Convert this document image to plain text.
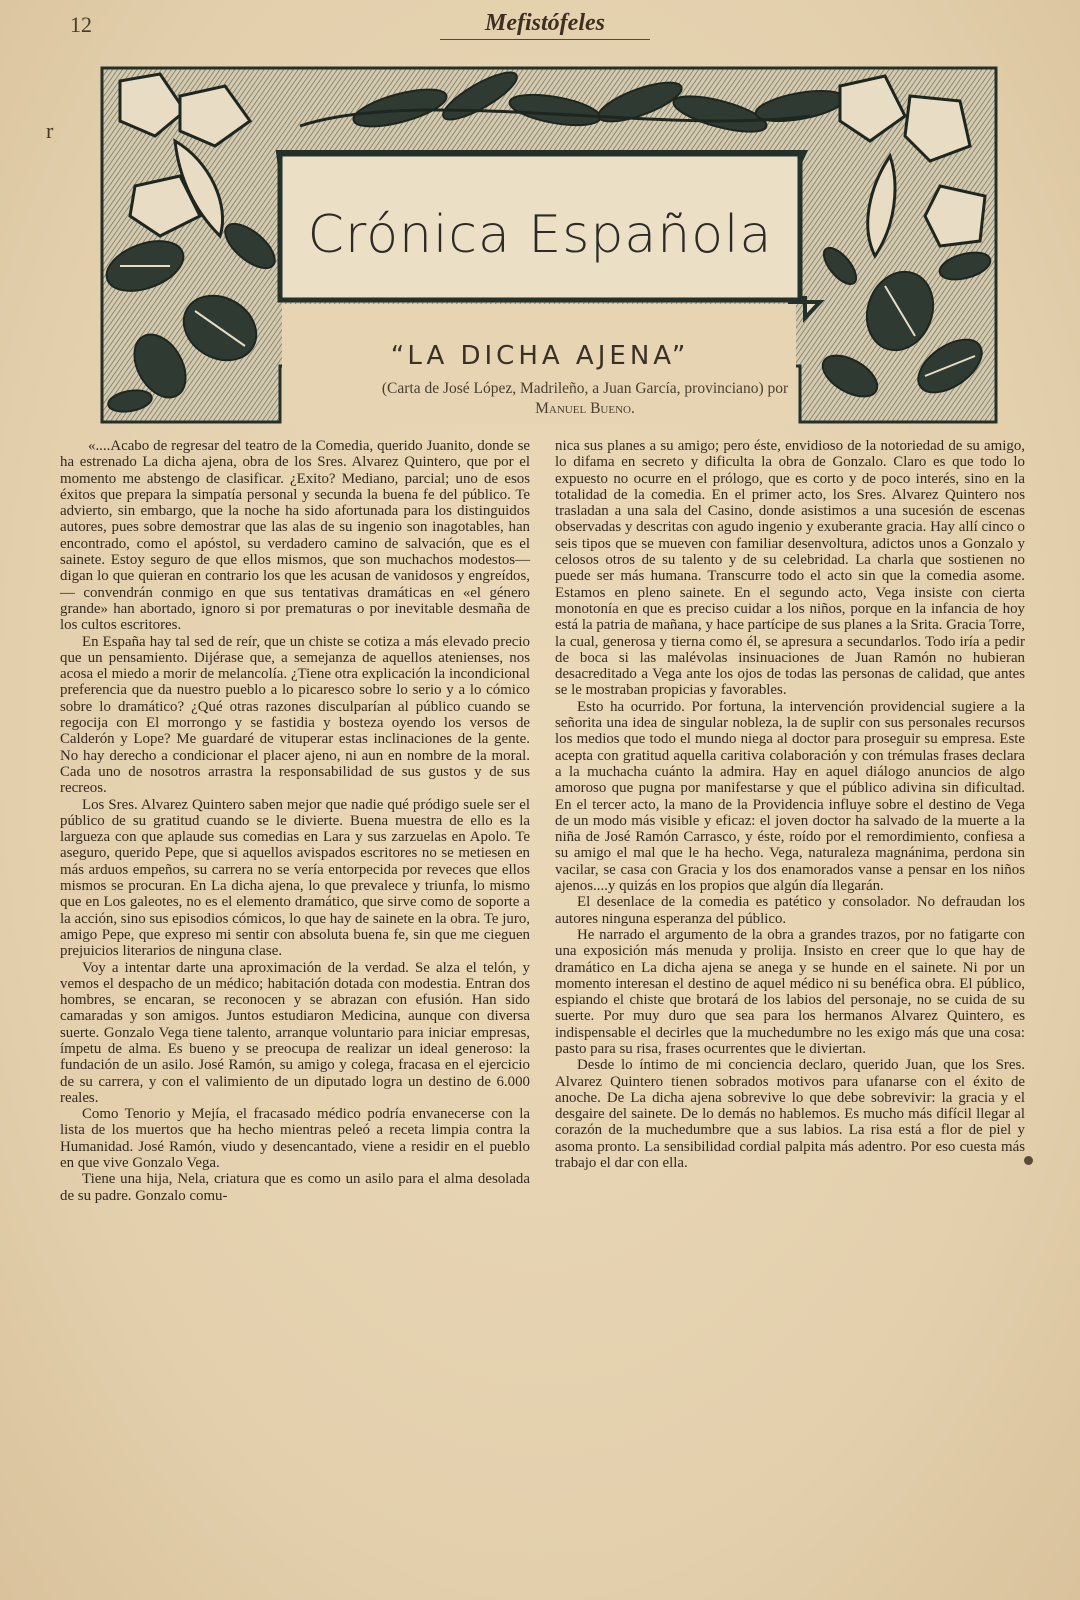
12	Mefistófeles
r
Crónica Española
“LA DICHA AJENA”
(Carta de José López, Madrileño, a Juan García, provinciano) por Manuel Bueno.

«....Acabo de regresar del teatro de la Comedia, querido Juanito, donde se ha estrenado La dicha ajena, obra de los Sres. Alvarez Quintero, que por el momento me abstengo de clasificar. ¿Exito? Mediano, parcial; uno de esos éxitos que prepara la simpatía personal y secunda la buena fe del público. Te advierto, sin embargo, que la noche ha sido afortunada para los distinguidos autores, pues sobre demostrar que las alas de su ingenio son inagotables, han encontrado, como el apóstol, su verdadero camino de salvación, que es el sainete. Estoy seguro de que ellos mismos, que son muchachos modestos—digan lo que quieran en contrario los que les acusan de vanidosos y engreídos,— convendrán conmigo en que sus tentativas dramáticas en «el género grande» han abortado, ignoro si por prematuras o por inevitable desmaña de los cultos escritores.

En España hay tal sed de reír, que un chiste se cotiza a más elevado precio que un pensamiento. Dijérase que, a semejanza de aquellos atenienses, nos acosa el miedo a morir de melancolía. ¿Tiene otra explicación la incondicional preferencia que da nuestro pueblo a lo picaresco sobre lo serio y a lo cómico sobre lo dramático? ¿Qué otras razones disculparían al público cuando se regocija con El morrongo y se fastidia y bosteza oyendo los versos de Calderón y Lope? Me guardaré de vituperar estas inclinaciones de la gente. No hay derecho a condicionar el placer ajeno, ni aun en nombre de la moral. Cada uno de nosotros arrastra la responsabilidad de sus gustos y de sus recreos.

Los Sres. Alvarez Quintero saben mejor que nadie qué pródigo suele ser el público de su gratitud cuando se le divierte. Buena muestra de ello es la largueza con que aplaude sus comedias en Lara y sus zarzuelas en Apolo. Te aseguro, querido Pepe, que si aquellos avispados escritores no se metiesen en más arduos empeños, su carrera no se vería entorpecida por reveces que ellos mismos se procuran. En La dicha ajena, lo que prevalece y triunfa, lo mismo que en Los galeotes, no es el elemento dramático, que sirve como de soporte a la acción, sino sus episodios cómicos, lo que hay de sainete en la obra. Te juro, amigo Pepe, que expreso mi sentir con absoluta buena fe, sin que me cieguen prejuicios literarios de ninguna clase.

Voy a intentar darte una aproximación de la verdad. Se alza el telón, y vemos el despacho de un médico; habitación dotada con modestia. Entran dos hombres, se encaran, se reconocen y se abrazan con efusión. Han sido camaradas y son amigos. Juntos estudiaron Medicina, aunque con diversa suerte. Gonzalo Vega tiene talento, arranque voluntario para iniciar empresas, ímpetu de alma. Es bueno y se preocupa de realizar un ideal generoso: la fundación de un asilo. José Ramón, su amigo y colega, fracasa en el ejercicio de su carrera, y con el valimiento de un diputado logra un destino de 6.000 reales.

Como Tenorio y Mejía, el fracasado médico podría envanecerse con la lista de los muertos que ha hecho mientras peleó a receta limpia contra la Humanidad. José Ramón, viudo y desencantado, viene a residir en el pueblo en que vive Gonzalo Vega.

Tiene una hija, Nela, criatura que es como un asilo para el alma desolada de su padre. Gonzalo comu-

nica sus planes a su amigo; pero éste, envidioso de la notoriedad de su amigo, lo difama en secreto y dificulta la obra de Gonzalo. Claro es que todo lo expuesto no ocurre en el prólogo, que es corto y de poco interés, sino en la totalidad de la comedia. En el primer acto, los Sres. Alvarez Quintero nos trasladan a una sala del Casino, donde asistimos a una sucesión de escenas observadas y descritas con agudo ingenio y exuberante gracia. Hay allí cinco o seis tipos que se mueven con familiar desenvoltura, adictos unos a Gonzalo y celosos otros de su talento y de su celebridad. La charla que sostienen no puede ser más humana. Transcurre todo el acto sin que la comedia asome. Estamos en pleno sainete. En el segundo acto, Vega insiste con cierta monotonía en que es preciso cuidar a los niños, porque en la infancia de hoy está la patria de mañana, y hace partícipe de sus planes a la Srita. Gracia Torre, la cual, generosa y tierna como él, se apresura a secundarlos. Todo iría a pedir de boca si las malévolas insinuaciones de Juan Ramón no hubieran desacreditado a Vega ante los ojos de todas las personas de calidad, que antes se le mostraban propicias y favorables.

Esto ha ocurrido. Por fortuna, la intervención providencial sugiere a la señorita una idea de singular nobleza, la de suplir con sus personales recursos los medios que todo el mundo niega al doctor para proseguir su empresa. Este acepta con gratitud aquella caritiva colaboración y con trémulas frases declara a la muchacha cuánto la admira. Hay en aquel diálogo anuncios de algo amoroso que pugna por manifestarse y que el público adivina sin dificultad. En el tercer acto, la mano de la Providencia influye sobre el destino de Vega de un modo más visible y eficaz: el joven doctor ha salvado de la muerte a la niña de José Ramón Carrasco, y éste, roído por el remordimiento, confiesa a su amigo el mal que le ha hecho. Vega, naturaleza magnánima, perdona sin vacilar, se casa con Gracia y los dos enamorados vanse a pensar en los niños ajenos....y quizás en los propios que algún día llegarán.

El desenlace de la comedia es patético y consolador. No defraudan los autores ninguna esperanza del público.

He narrado el argumento de la obra a grandes trazos, por no fatigarte con una exposición más menuda y prolija. Insisto en creer que lo que hay de dramático en La dicha ajena se anega y se hunde en el sainete. Ni por un momento interesan el destino de aquel médico ni su benéfica obra. El público, espiando el chiste que brotará de los labios del personaje, no se cuida de su suerte. Por muy duro que sea para los hermanos Alvarez Quintero, es indispensable el decirles que la muchedumbre no les exigo más que una cosa: pasto para su risa, frases ocurrentes que le diviertan.

Desde lo íntimo de mi conciencia declaro, querido Juan, que los Sres. Alvarez Quintero tienen sobrados motivos para ufanarse con el éxito de anoche. De La dicha ajena sobrevive lo que debe sobrevivir: la gracia y el desgaire del sainete. De lo demás no hablemos. Es mucho más difícil llegar al corazón de la muchedumbre que a sus labios. La risa está a flor de piel y asoma pronto. La sensibilidad cordial palpita más adentro. Por eso cuesta más trabajo el dar con ella.
